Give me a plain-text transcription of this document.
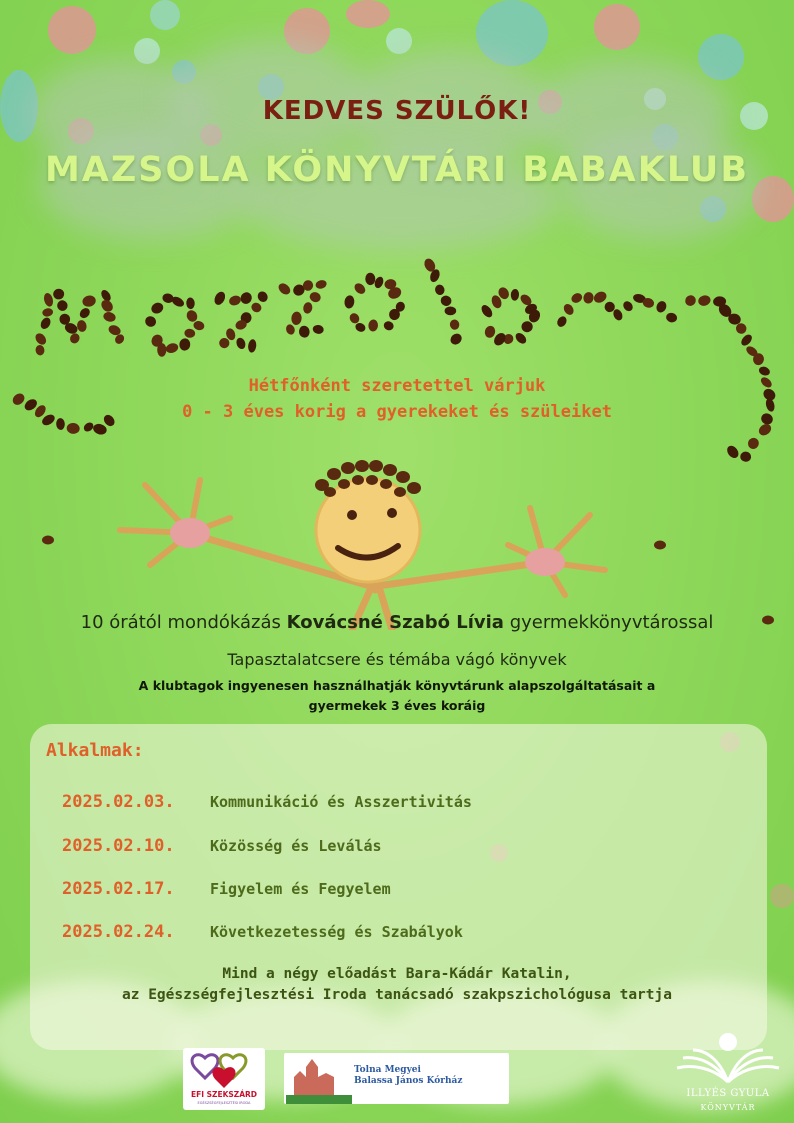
KEDVES SZÜLŐK!
MAZSOLA KÖNYVTÁRI BABAKLUB
Hétfőnként szeretettel várjuk
0 - 3 éves korig a gyerekeket és szüleiket
10 órától mondókázás Kovácsné Szabó Lívia gyermekkönyvtárossal
Tapasztalatcsere és témába vágó könyvek
A klubtagok ingyenesen használhatják könyvtárunk alapszolgáltatásait a
gyermekek 3 éves koráig
Alkalmak:
2025.02.03.	Kommunikáció és Asszertivitás
2025.02.10.	Közösség és Leválás
2025.02.17.	Figyelem és Fegyelem
2025.02.24.	Következetesség és Szabályok
Mind a négy előadást Bara-Kádár Katalin,
az Egészségfejlesztési Iroda tanácsadó szakpszichológusa tartja
EFI SZEKSZÁRD
EGÉSZSÉGFEJLESZTÉSI IRODA
Tolna Megyei
Balassa János Kórház
ILLYÉS GYULA
KÖNYVTÁR
